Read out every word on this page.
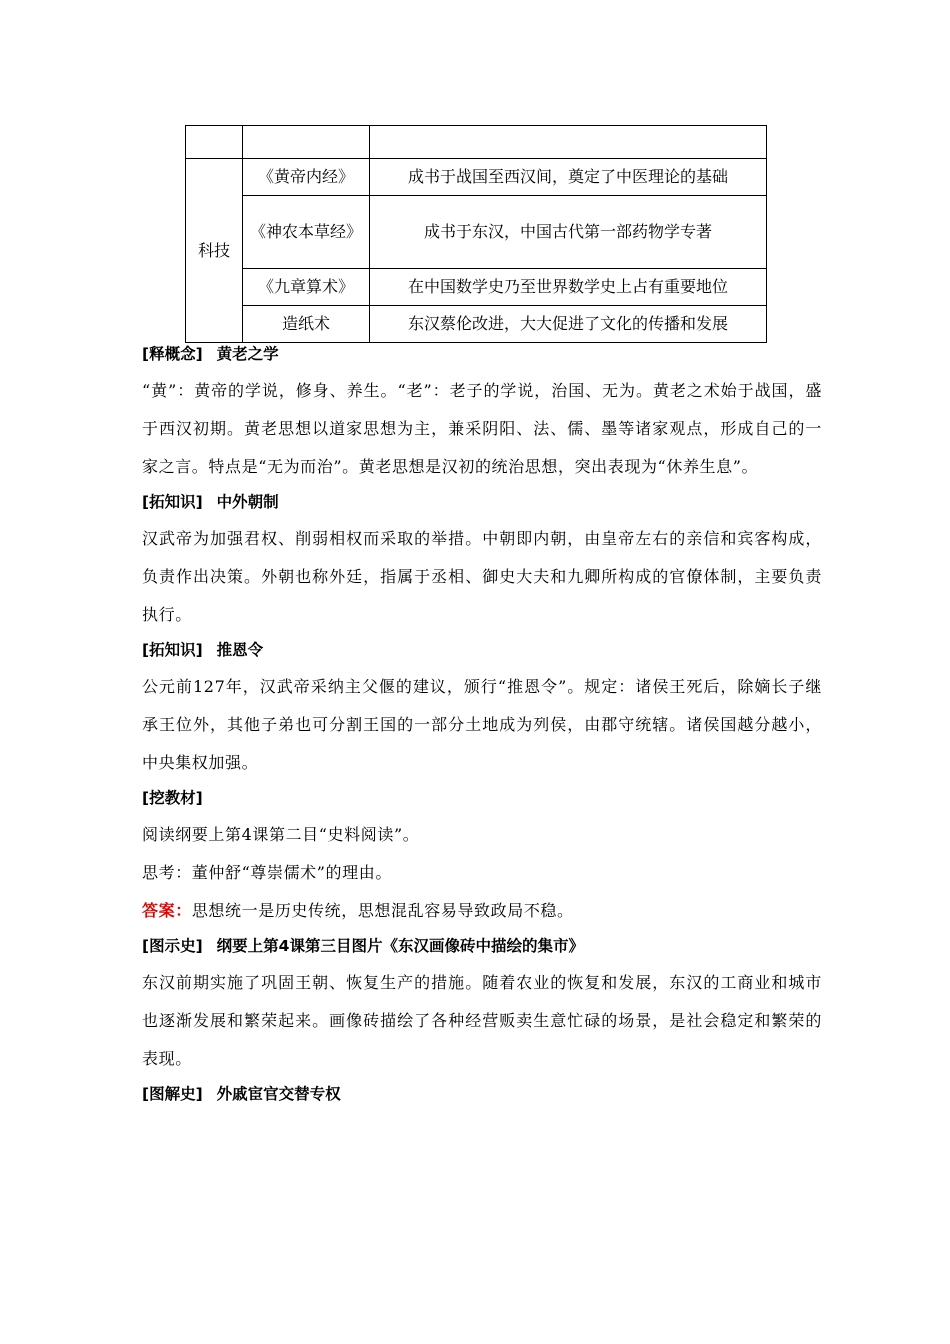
科技	《黄帝内经》	成书于战国至西汉间，奠定了中医理论的基础
	《神农本草经》	成书于东汉，中国古代第一部药物学专著
	《九章算术》	在中国数学史乃至世界数学史上占有重要地位
	造纸术	东汉蔡伦改进，大大促进了文化的传播和发展
[释概念] 黄老之学

“黄”：黄帝的学说，修身、养生。“老”：老子的学说，治国、无为。黄老之术始于战国，盛于西汉初期。黄老思想以道家思想为主，兼采阴阳、法、儒、墨等诸家观点，形成自己的一家之言。特点是“无为而治”。黄老思想是汉初的统治思想，突出表现为“休养生息”。

[拓知识] 中外朝制

汉武帝为加强君权、削弱相权而采取的举措。中朝即内朝，由皇帝左右的亲信和宾客构成，负责作出决策。外朝也称外廷，指属于丞相、御史大夫和九卿所构成的官僚体制，主要负责执行。

[拓知识] 推恩令

公元前127年，汉武帝采纳主父偃的建议，颁行“推恩令”。规定：诸侯王死后，除嫡长子继承王位外，其他子弟也可分割王国的一部分土地成为列侯，由郡守统辖。诸侯国越分越小，中央集权加强。

[挖教材]

阅读纲要上第4课第二目“史料阅读”。

思考：董仲舒“尊崇儒术”的理由。

答案：思想统一是历史传统，思想混乱容易导致政局不稳。

[图示史] 纲要上第4课第三目图片《东汉画像砖中描绘的集市》

东汉前期实施了巩固王朝、恢复生产的措施。随着农业的恢复和发展，东汉的工商业和城市也逐渐发展和繁荣起来。画像砖描绘了各种经营贩卖生意忙碌的场景，是社会稳定和繁荣的表现。

[图解史] 外戚宦官交替专权
